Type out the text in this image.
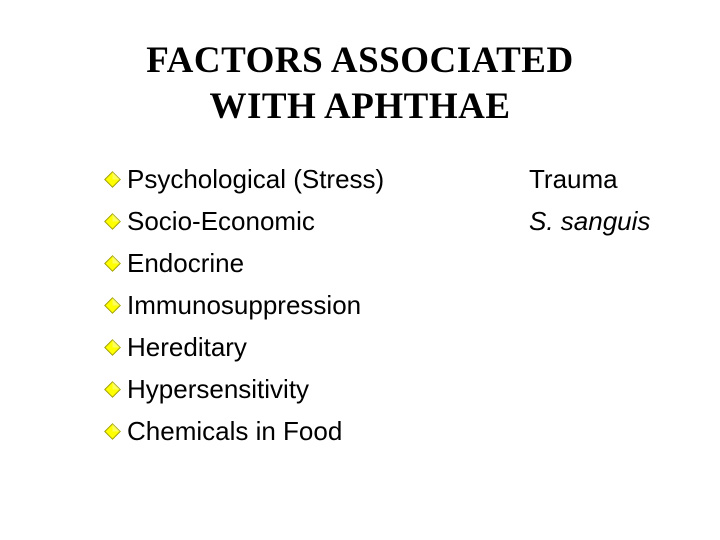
FACTORS ASSOCIATED
WITH APHTHAE
Psychological (Stress)
Socio-Economic
Endocrine
Immunosuppression
Hereditary
Hypersensitivity
Chemicals in Food
Trauma
S. sanguis
